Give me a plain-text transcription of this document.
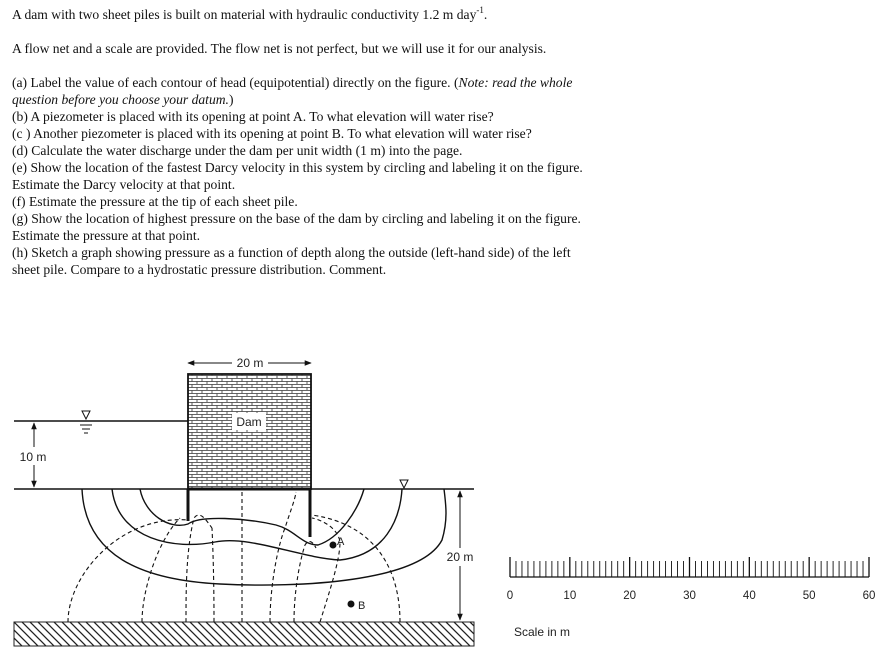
A dam with two sheet piles is built on material with hydraulic conductivity 1.2 m day$^{-1}$.

A flow net and a scale are provided. The flow net is not perfect, but we will use it for our analysis.

(a) Label the value of each contour of head (equipotential) directly on the figure. (Note: read the whole question before you choose your datum.)

(b) A piezometer is placed with its opening at point A. To what elevation will water rise?

(c ) Another piezometer is placed with its opening at point B. To what elevation will water rise?

(d) Calculate the water discharge under the dam per unit width (1 m) into the page.

(e) Show the location of the fastest Darcy velocity in this system by circling and labeling it on the figure. Estimate the Darcy velocity at that point.

(f) Estimate the pressure at the tip of each sheet pile.

(g) Show the location of highest pressure on the base of the dam by circling and labeling it on the figure. Estimate the pressure at that point.

(h) Sketch a graph showing pressure as a function of depth along the outside (left-hand side) of the left sheet pile. Compare to a hydrostatic pressure distribution. Comment.

Dam
20 m
10 m
20 m
A
B
0	10	20	30	40	50	60
Scale in m
